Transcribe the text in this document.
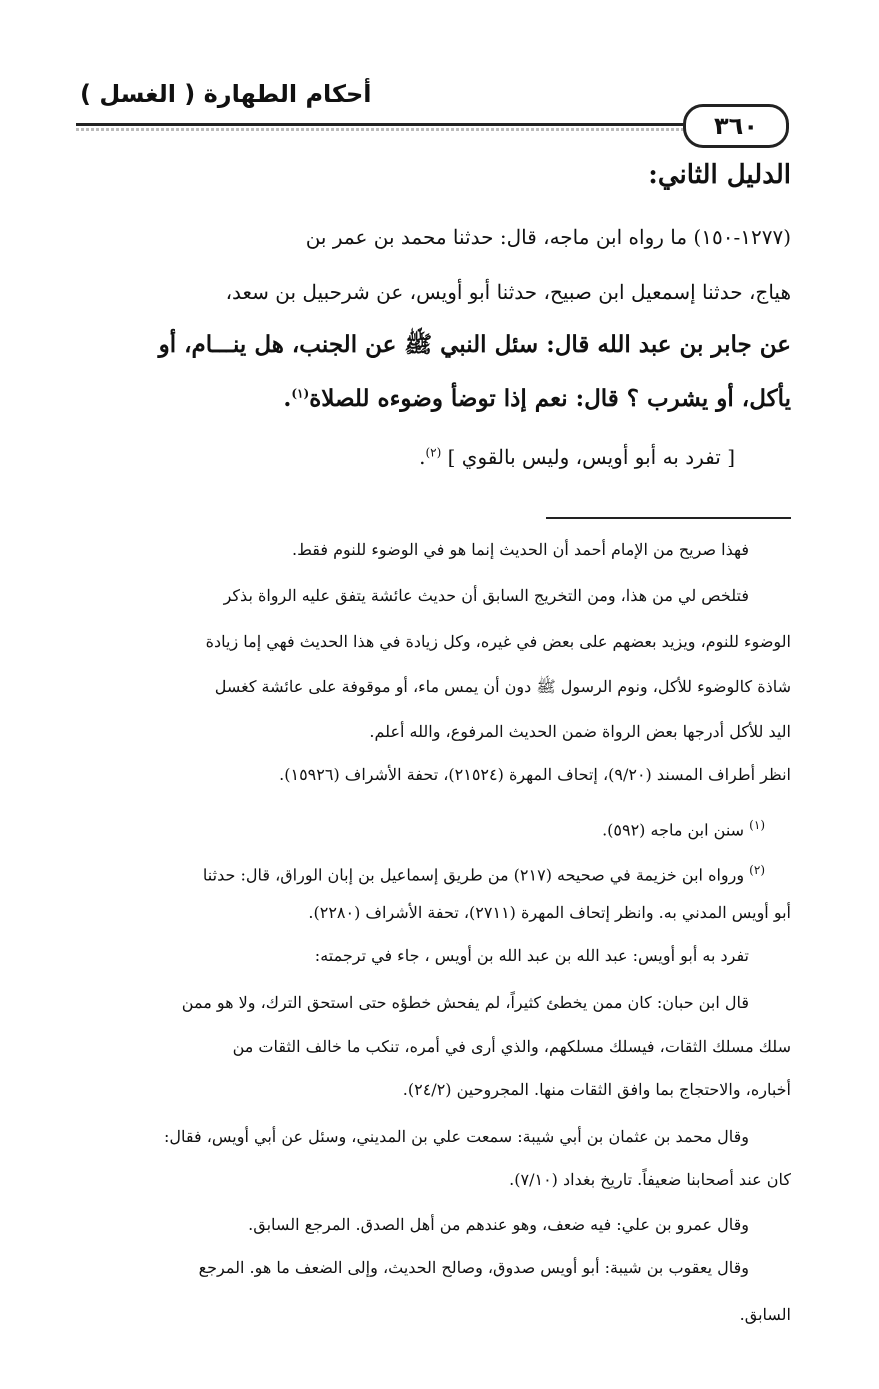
أحكام الطهارة ( الغسل )
٣٦٠
الدليل الثاني:
(١٢٧٧-١٥٠) ما رواه ابن ماجه، قال: حدثنا محمد بن عمر بن
هياج، حدثنا إسمعيل ابن صبيح، حدثنا أبو أويس، عن شرحبيل بن سعد،
عن جابر بن عبد الله قال: سئل النبي ﷺ عن الجنب، هل ينـــام، أو
يأكل، أو يشرب ؟ قال: نعم إذا توضأ وضوءه للصلاة$^{(١)}$.
[ تفرد به أبو أويس، وليس بالقوي ] $^{(٢)}$.
فهذا صريح من الإمام أحمد أن الحديث إنما هو في الوضوء للنوم فقط.
فتلخص لي من هذا، ومن التخريج السابق أن حديث عائشة يتفق عليه الرواة بذكر
الوضوء للنوم، ويزيد بعضهم على بعض في غيره، وكل زيادة في هذا الحديث فهي إما زيادة
شاذة كالوضوء للأكل، ونوم الرسول ﷺ دون أن يمس ماء، أو موقوفة على عائشة كغسل
اليد للأكل أدرجها بعض الرواة ضمن الحديث المرفوع، والله أعلم.
انظر أطراف المسند (٩/٢٠)، إتحاف المهرة (٢١٥٢٤)، تحفة الأشراف (١٥٩٢٦).
$^{(١)}$ سنن ابن ماجه (٥٩٢).
$^{(٢)}$ ورواه ابن خزيمة في صحيحه (٢١٧) من طريق إسماعيل بن إبان الوراق، قال: حدثنا
أبو أويس المدني به. وانظر إتحاف المهرة (٢٧١١)، تحفة الأشراف (٢٢٨٠).
تفرد به أبو أويس: عبد الله بن عبد الله بن أويس ، جاء في ترجمته:
قال ابن حبان: كان ممن يخطئ كثيراً، لم يفحش خطؤه حتى استحق الترك، ولا هو ممن
سلك مسلك الثقات، فيسلك مسلكهم، والذي أرى في أمره، تنكب ما خالف الثقات من
أخباره، والاحتجاج بما وافق الثقات منها. المجروحين (٢٤/٢).
وقال محمد بن عثمان بن أبي شيبة: سمعت علي بن المديني، وسئل عن أبي أويس، فقال:
كان عند أصحابنا ضعيفاً. تاريخ بغداد (٧/١٠).
وقال عمرو بن علي: فيه ضعف، وهو عندهم من أهل الصدق. المرجع السابق.
وقال يعقوب بن شيبة: أبو أويس صدوق، وصالح الحديث، وإلى الضعف ما هو. المرجع
السابق.
